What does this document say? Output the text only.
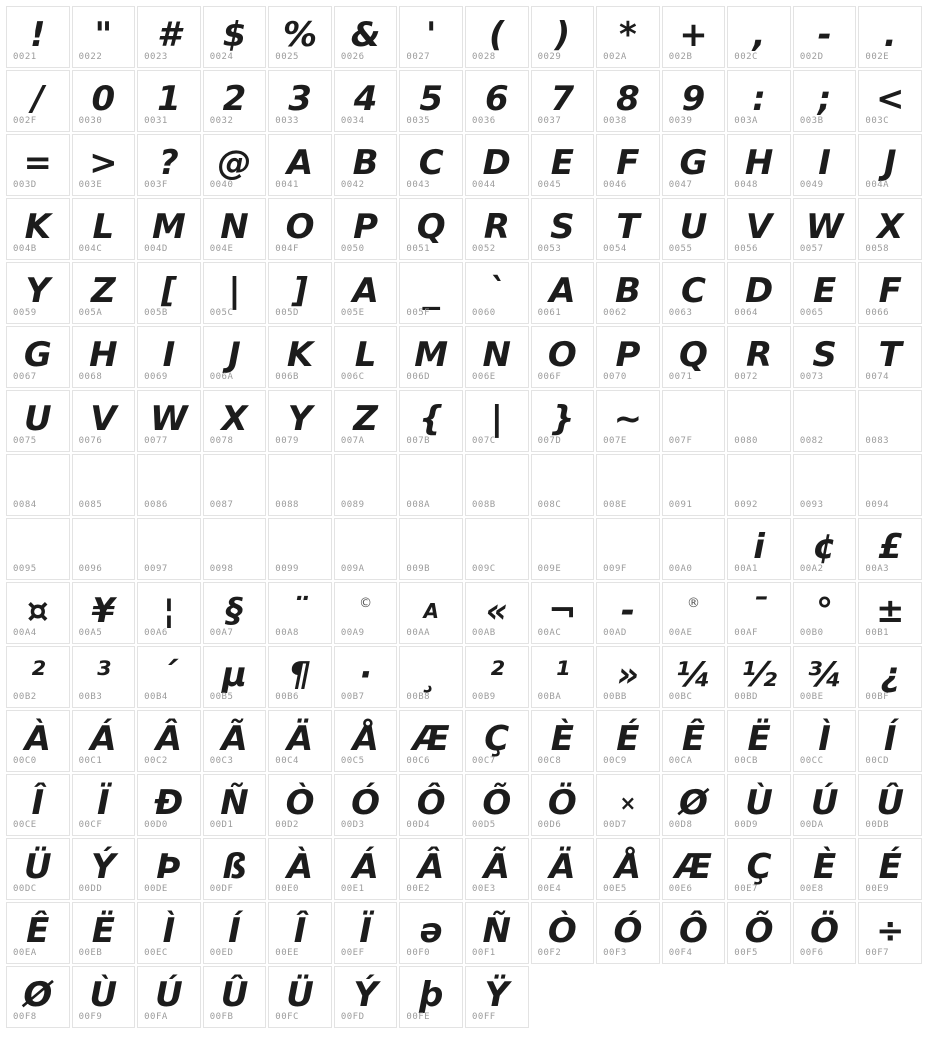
!
0021
"
0022
#
0023
$
0024
%
0025
&
0026
'
0027
(
0028
)
0029
*
002A
+
002B
,
002C
-
002D
.
002E
/
002F
0
0030
1
0031
2
0032
3
0033
4
0034
5
0035
6
0036
7
0037
8
0038
9
0039
:
003A
;
003B
<
003C
=
003D
>
003E
?
003F
@
0040
A
0041
B
0042
C
0043
D
0044
E
0045
F
0046
G
0047
H
0048
I
0049
J
004A
K
004B
L
004C
M
004D
N
004E
O
004F
P
0050
Q
0051
R
0052
S
0053
T
0054
U
0055
V
0056
W
0057
X
0058
Y
0059
Z
005A
[
005B
|
005C
]
005D
A
005E
_
005F
`
0060
A
0061
B
0062
C
0063
D
0064
E
0065
F
0066
G
0067
H
0068
I
0069
J
006A
K
006B
L
006C
M
006D
N
006E
O
006F
P
0070
Q
0071
R
0072
S
0073
T
0074
U
0075
V
0076
W
0077
X
0078
Y
0079
Z
007A
{
007B
|
007C
}
007D
~
007E	007F	0080	0082	0083
0084	0085	0086	0087	0088	0089	008A	008B	008C	008E	0091	0092	0093	0094
0095	0096	0097	0098	0099	009A	009B	009C	009E	009F	00A0
i
00A1
¢
00A2
£
00A3
¤
00A4
¥
00A5
¦
00A6
§
00A7
¨
00A8
©
00A9
A
00AA
«
00AB
¬
00AC
-
00AD
®
00AE
¯
00AF
°
00B0
±
00B1
²
00B2
³
00B3
´
00B4
µ
00B5
¶
00B6
·
00B7
¸
00B8
²
00B9
¹
00BA
»
00BB
¼
00BC
½
00BD
¾
00BE
¿
00BF
À
00C0
Á
00C1
Â
00C2
Ã
00C3
Ä
00C4
Å
00C5
Æ
00C6
Ç
00C7
È
00C8
É
00C9
Ê
00CA
Ë
00CB
Ì
00CC
Í
00CD
Î
00CE
Ï
00CF
Ð
00D0
Ñ
00D1
Ò
00D2
Ó
00D3
Ô
00D4
Õ
00D5
Ö
00D6
×
00D7
Ø
00D8
Ù
00D9
Ú
00DA
Û
00DB
Ü
00DC
Ý
00DD
Þ
00DE
ß
00DF
À
00E0
Á
00E1
Â
00E2
Ã
00E3
Ä
00E4
Å
00E5
Æ
00E6
Ç
00E7
È
00E8
É
00E9
Ê
00EA
Ë
00EB
Ì
00EC
Í
00ED
Î
00EE
Ï
00EF
ə
00F0
Ñ
00F1
Ò
00F2
Ó
00F3
Ô
00F4
Õ
00F5
Ö
00F6
÷
00F7
Ø
00F8
Ù
00F9
Ú
00FA
Û
00FB
Ü
00FC
Ý
00FD
þ
00FE
Ÿ
00FF
